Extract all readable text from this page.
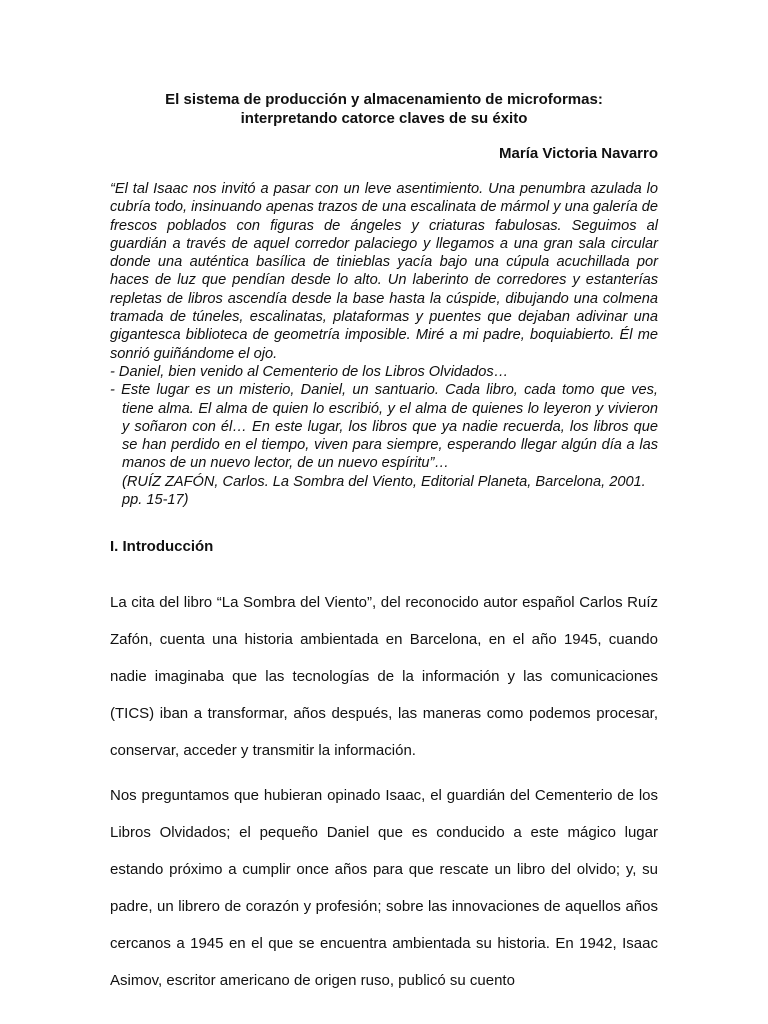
El sistema de producción y almacenamiento de microformas:
interpretando catorce claves de su éxito
María Victoria Navarro

“El tal Isaac nos invitó a pasar con un leve asentimiento. Una penumbra azulada lo cubría todo, insinuando apenas trazos de una escalinata de mármol y una galería de frescos poblados con figuras de ángeles y criaturas fabulosas. Seguimos al guardián a través de aquel corredor palaciego y llegamos a una gran sala circular donde una auténtica basílica de tinieblas yacía bajo una cúpula acuchillada por haces de luz que pendían desde lo alto. Un laberinto de corredores y estanterías repletas de libros ascendía desde la base hasta la cúspide, dibujando una colmena tramada de túneles, escalinatas, plataformas y puentes que dejaban adivinar una gigantesca biblioteca de geometría imposible. Miré a mi padre, boquiabierto. Él me sonrió guiñándome el ojo.

- Daniel, bien venido al Cementerio de los Libros Olvidados…

- Este lugar es un misterio, Daniel, un santuario. Cada libro, cada tomo que ves, tiene alma. El alma de quien lo escribió, y el alma de quienes lo leyeron y vivieron y soñaron con él… En este lugar, los libros que ya nadie recuerda, los libros que se han perdido en el tiempo, viven para siempre, esperando llegar algún día a las manos de un nuevo lector, de un nuevo espíritu”…

(RUÍZ ZAFÓN, Carlos. La Sombra del Viento, Editorial Planeta, Barcelona, 2001. pp. 15-17)

I. Introducción

La cita del libro “La Sombra del Viento”, del reconocido autor español Carlos Ruíz Zafón, cuenta una historia ambientada en Barcelona, en el año 1945, cuando nadie imaginaba que las tecnologías de la información y las comunicaciones (TICS) iban a transformar, años después, las maneras como podemos procesar, conservar, acceder y transmitir la información.

Nos preguntamos que hubieran opinado Isaac, el guardián del Cementerio de los Libros Olvidados; el pequeño Daniel que es conducido a este mágico lugar estando próximo a cumplir once años para que rescate un libro del olvido; y, su padre, un librero de corazón y profesión; sobre las innovaciones de aquellos años cercanos a 1945 en el que se encuentra ambientada su historia. En 1942, Isaac Asimov, escritor americano de origen ruso, publicó su cuento
